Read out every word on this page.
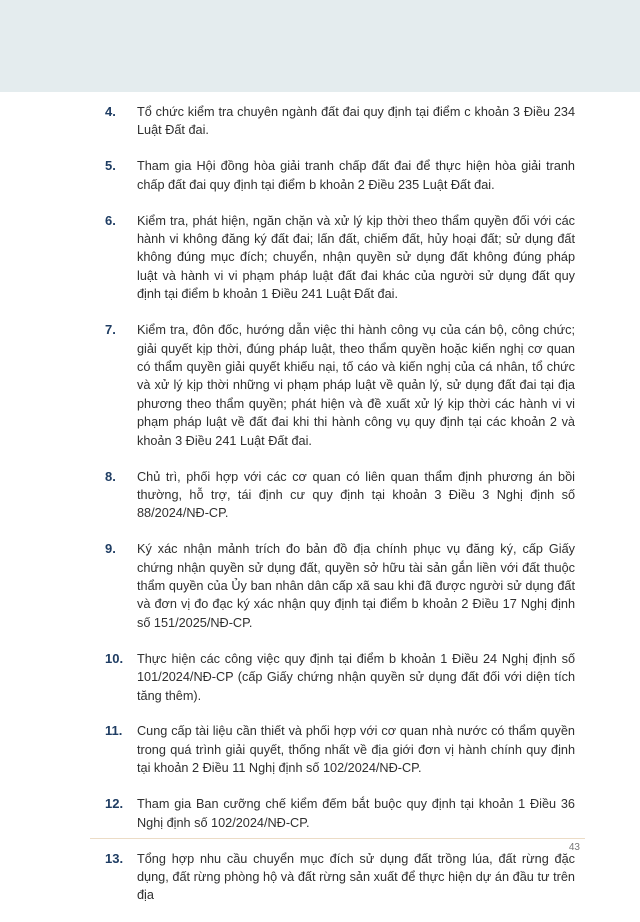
4.	Tổ chức kiểm tra chuyên ngành đất đai quy định tại điểm c khoản 3 Điều 234 Luật Đất đai.
5.	Tham gia Hội đồng hòa giải tranh chấp đất đai để thực hiện hòa giải tranh chấp đất đai quy định tại điểm b khoản 2 Điều 235 Luật Đất đai.
6.	Kiểm tra, phát hiện, ngăn chặn và xử lý kịp thời theo thẩm quyền đối với các hành vi không đăng ký đất đai; lấn đất, chiếm đất, hủy hoại đất; sử dụng đất không đúng mục đích; chuyển, nhận quyền sử dụng đất không đúng pháp luật và hành vi vi phạm pháp luật đất đai khác của người sử dụng đất quy định tại điểm b khoản 1 Điều 241 Luật Đất đai.
7.	Kiểm tra, đôn đốc, hướng dẫn việc thi hành công vụ của cán bộ, công chức; giải quyết kịp thời, đúng pháp luật, theo thẩm quyền hoặc kiến nghị cơ quan có thẩm quyền giải quyết khiếu nại, tố cáo và kiến nghị của cá nhân, tổ chức và xử lý kịp thời những vi phạm pháp luật về quản lý, sử dụng đất đai tại địa phương theo thẩm quyền; phát hiện và đề xuất xử lý kịp thời các hành vi vi phạm pháp luật về đất đai khi thi hành công vụ quy định tại các khoản 2 và khoản 3 Điều 241 Luật Đất đai.
8.	Chủ trì, phối hợp với các cơ quan có liên quan thẩm định phương án bồi thường, hỗ trợ, tái định cư quy định tại khoản 3 Điều 3 Nghị định số 88/2024/NĐ-CP.
9.	Ký xác nhận mảnh trích đo bản đồ địa chính phục vụ đăng ký, cấp Giấy chứng nhận quyền sử dụng đất, quyền sở hữu tài sản gắn liền với đất thuộc thẩm quyền của Ủy ban nhân dân cấp xã sau khi đã được người sử dụng đất và đơn vị đo đạc ký xác nhận quy định tại điểm b khoản 2 Điều 17 Nghị định số 151/2025/NĐ-CP.
10.	Thực hiện các công việc quy định tại điểm b khoản 1 Điều 24 Nghị định số 101/2024/NĐ-CP (cấp Giấy chứng nhận quyền sử dụng đất đối với diện tích tăng thêm).
11.	Cung cấp tài liệu cần thiết và phối hợp với cơ quan nhà nước có thẩm quyền trong quá trình giải quyết, thống nhất về địa giới đơn vị hành chính quy định tại khoản 2 Điều 11 Nghị định số 102/2024/NĐ-CP.
12.	Tham gia Ban cưỡng chế kiểm đếm bắt buộc quy định tại khoản 1 Điều 36 Nghị định số 102/2024/NĐ-CP.
13.	Tổng hợp nhu cầu chuyển mục đích sử dụng đất trồng lúa, đất rừng đặc dụng, đất rừng phòng hộ và đất rừng sản xuất để thực hiện dự án đầu tư trên địa
43
